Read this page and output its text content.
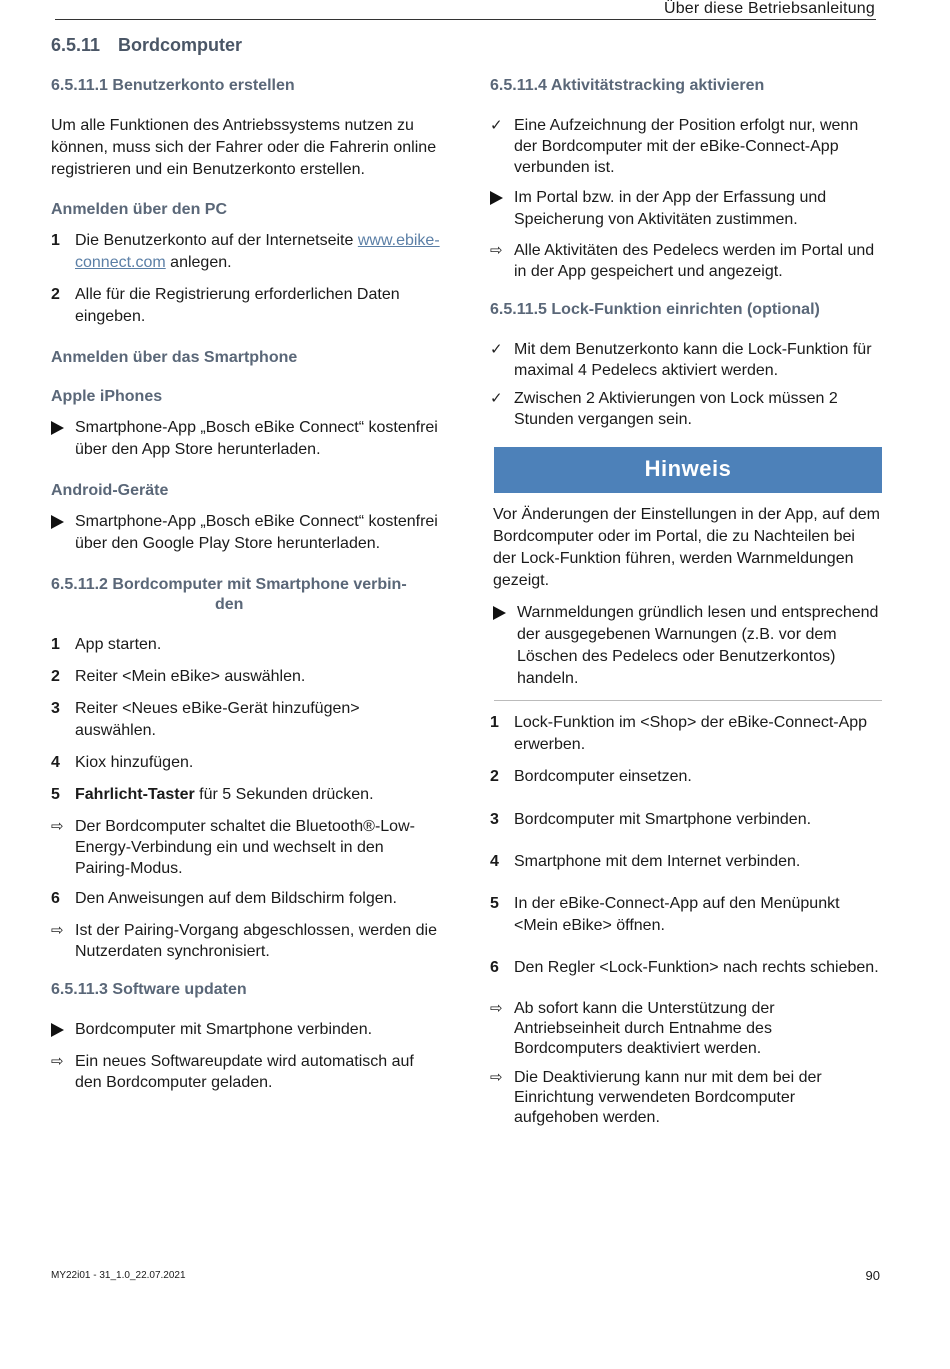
Über diese Betriebsanleitung
6.5.11 Bordcomputer
6.5.11.1 Benutzerkonto erstellen
Um alle Funktionen des Antriebssystems nutzen zu können, muss sich der Fahrer oder die Fahrerin online registrieren und ein Benutzerkonto erstellen.
Anmelden über den PC
1 Die Benutzerkonto auf der Internetseite www.ebike-connect.com anlegen.
2 Alle für die Registrierung erforderlichen Daten eingeben.
Anmelden über das Smartphone
Apple iPhones
Smartphone-App „Bosch eBike Connect“ kostenfrei über den App Store herunterladen.
Android-Geräte
Smartphone-App „Bosch eBike Connect“ kostenfrei über den Google Play Store herunterladen.
6.5.11.2 Bordcomputer mit Smartphone verbin-
den
1 App starten.
2 Reiter <Mein eBike> auswählen.
3 Reiter <Neues eBike-Gerät hinzufügen> auswählen.
4 Kiox hinzufügen.
5 Fahrlicht-Taster für 5 Sekunden drücken.
⇨ Der Bordcomputer schaltet die Bluetooth®-Low-Energy-Verbindung ein und wechselt in den Pairing-Modus.
6 Den Anweisungen auf dem Bildschirm folgen.
⇨ Ist der Pairing-Vorgang abgeschlossen, werden die Nutzerdaten synchronisiert.
6.5.11.3 Software updaten
Bordcomputer mit Smartphone verbinden.
⇨ Ein neues Softwareupdate wird automatisch auf den Bordcomputer geladen.
6.5.11.4 Aktivitätstracking aktivieren
✓ Eine Aufzeichnung der Position erfolgt nur, wenn der Bordcomputer mit der eBike-Connect-App verbunden ist.
Im Portal bzw. in der App der Erfassung und Speicherung von Aktivitäten zustimmen.
⇨ Alle Aktivitäten des Pedelecs werden im Portal und in der App gespeichert und angezeigt.
6.5.11.5 Lock-Funktion einrichten (optional)
✓ Mit dem Benutzerkonto kann die Lock-Funktion für maximal 4 Pedelecs aktiviert werden.
✓ Zwischen 2 Aktivierungen von Lock müssen 2 Stunden vergangen sein.
Hinweis
Vor Änderungen der Einstellungen in der App, auf dem Bordcomputer oder im Portal, die zu Nachteilen bei der Lock-Funktion führen, werden Warnmeldungen gezeigt.
Warnmeldungen gründlich lesen und entsprechend der ausgegebenen Warnungen (z.B. vor dem Löschen des Pedelecs oder Benutzerkontos) handeln.
1 Lock-Funktion im <Shop> der eBike-Connect-App erwerben.
2 Bordcomputer einsetzen.
3 Bordcomputer mit Smartphone verbinden.
4 Smartphone mit dem Internet verbinden.
5 In der eBike-Connect-App auf den Menüpunkt <Mein eBike> öffnen.
6 Den Regler <Lock-Funktion> nach rechts schieben.
⇨ Ab sofort kann die Unterstützung der Antriebseinheit durch Entnahme des Bordcomputers deaktiviert werden.
⇨ Die Deaktivierung kann nur mit dem bei der Einrichtung verwendeten Bordcomputer aufgehoben werden.
MY22i01 - 31_1.0_22.07.2021	90
